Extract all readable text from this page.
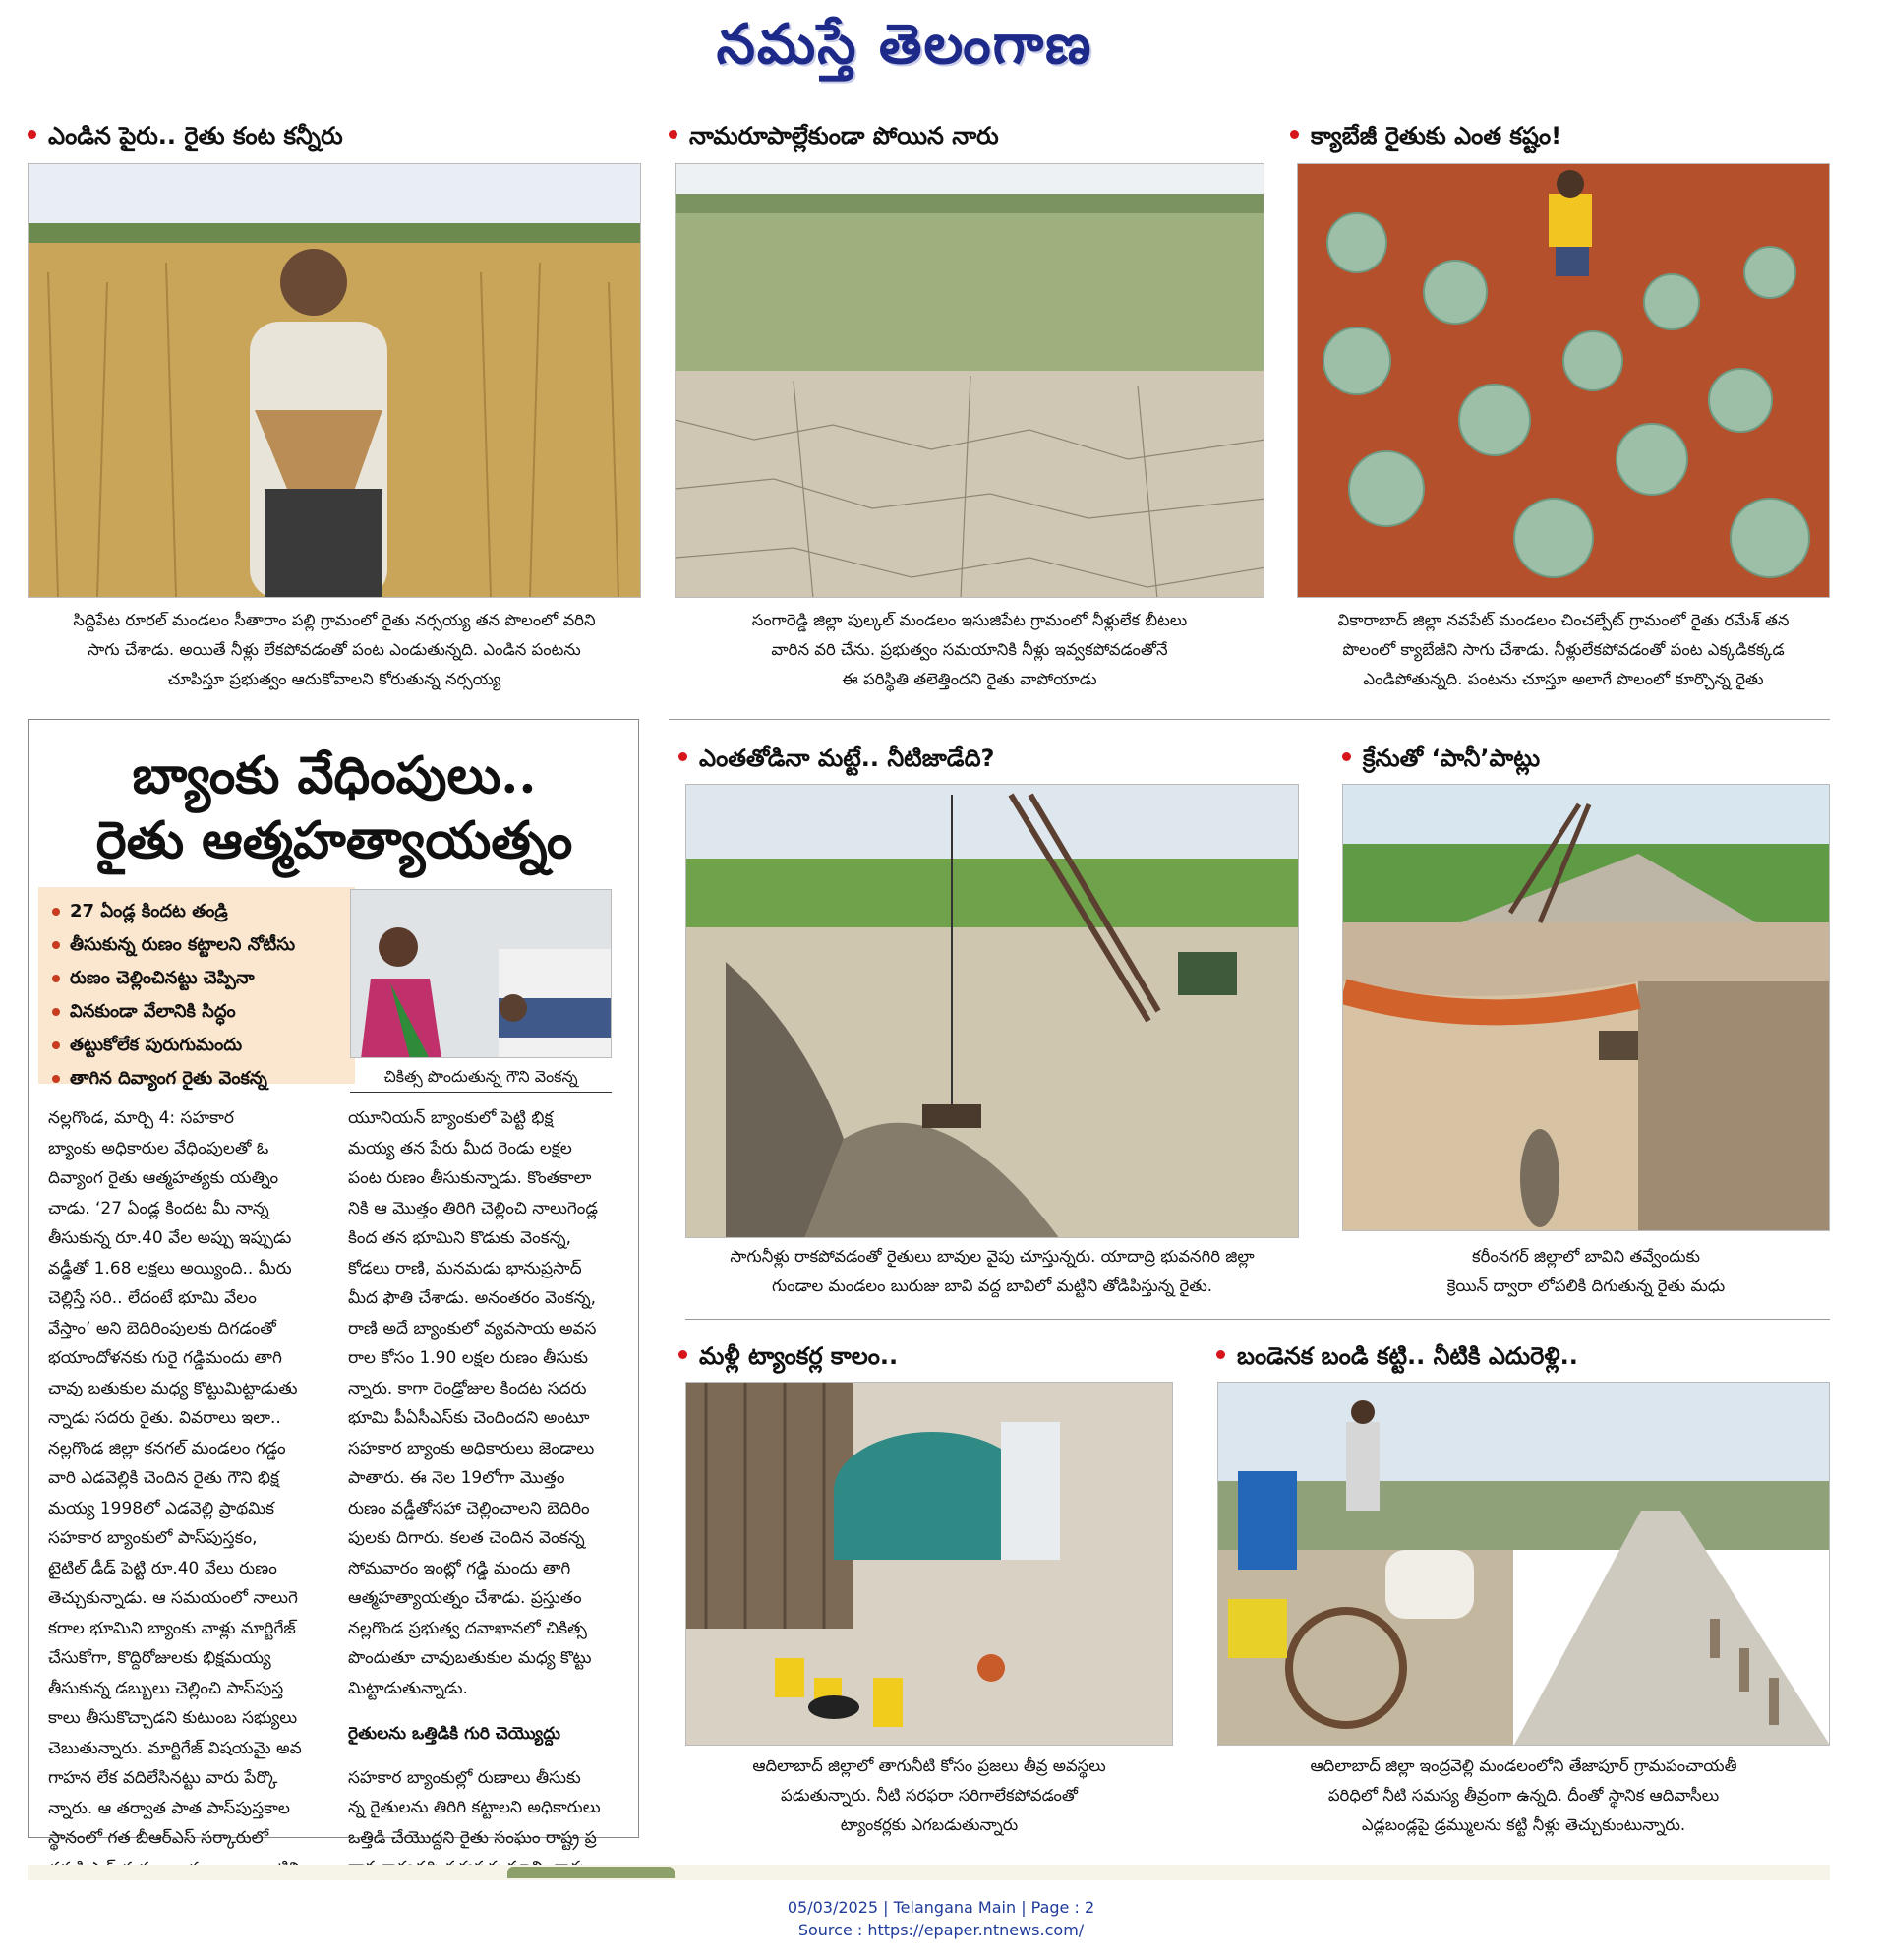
నమస్తే తెలంగాణ
ఎండిన పైరు.. రైతు కంట కన్నీరు
సిద్దిపేట రూరల్ మండలం సీతారాం పల్లి గ్రామంలో రైతు నర్సయ్య తన పొలంలో వరిని
సాగు చేశాడు. అయితే నీళ్లు లేకపోవడంతో పంట ఎండుతున్నది. ఎండిన పంటను
చూపిస్తూ ప్రభుత్వం ఆదుకోవాలని కోరుతున్న నర్సయ్య
నామరూపాల్లేకుండా పోయిన నారు
సంగారెడ్డి జిల్లా పుల్కల్ మండలం ఇసుజిపేట గ్రామంలో నీళ్లులేక బీటలు
వారిన వరి చేను. ప్రభుత్వం సమయానికి నీళ్లు ఇవ్వకపోవడంతోనే
ఈ పరిస్థితి తలెత్తిందని రైతు వాపోయాడు
క్యాబేజీ రైతుకు ఎంత కష్టం!
వికారాబాద్ జిల్లా నవపేట్ మండలం చించల్పేట్ గ్రామంలో రైతు రమేశ్ తన
పొలంలో క్యాబేజీని సాగు చేశాడు. నీళ్లులేకపోవడంతో పంట ఎక్కడికక్కడ
ఎండిపోతున్నది. పంటను చూస్తూ అలాగే పొలంలో కూర్చొన్న రైతు
బ్యాంకు వేధింపులు..
రైతు ఆత్మహత్యాయత్నం
27 ఏండ్ల కిందట తండ్రి
తీసుకున్న రుణం కట్టాలని నోటీసు
రుణం చెల్లించినట్టు చెప్పినా
వినకుండా వేలానికి సిద్ధం
తట్టుకోలేక పురుగుమందు
తాగిన దివ్యాంగ రైతు వెంకన్న	చికిత్స పొందుతున్న గౌని వెంకన్న
నల్లగొండ, మార్చి 4: సహకార
బ్యాంకు అధికారుల వేధింపులతో ఓ
దివ్యాంగ రైతు ఆత్మహత్యకు యత్నిం
చాడు. ‘27 ఏండ్ల కిందట మీ నాన్న
తీసుకున్న రూ.40 వేల అప్పు ఇప్పుడు
వడ్డీతో 1.68 లక్షలు అయ్యింది.. మీరు
చెల్లిస్తే సరి.. లేదంటే భూమి వేలం
వేస్తాం’ అని బెదిరింపులకు దిగడంతో
భయాందోళనకు గురై గడ్డిమందు తాగి
చావు బతుకుల మధ్య కొట్టుమిట్టాడుతు
న్నాడు సదరు రైతు. వివరాలు ఇలా..
నల్లగొండ జిల్లా కనగల్ మండలం గడ్డం
వారి ఎడవెల్లికి చెందిన రైతు గౌని భిక్ష
మయ్య 1998లో ఎడవెల్లి ప్రాథమిక
సహకార బ్యాంకులో పాస్‌పుస్తకం,
టైటిల్ డీడ్ పెట్టి రూ.40 వేలు రుణం
తెచ్చుకున్నాడు. ఆ సమయంలో నాలుగె
కరాల భూమిని బ్యాంకు వాళ్లు మార్టిగేజ్
చేసుకోగా, కొద్దిరోజులకు భిక్షమయ్య
తీసుకున్న డబ్బులు చెల్లించి పాస్‌పుస్త
కాలు తీసుకొచ్చాడని కుటుంబ సభ్యులు
చెబుతున్నారు. మార్టిగేజ్ విషయమై అవ
గాహన లేక వదిలేసినట్టు వారు పేర్కొ
న్నారు. ఆ తర్వాత పాత పాస్‌పుస్తకాల
స్థానంలో గత బీఆర్‌ఎస్ సర్కారులో
యూనియన్ బ్యాంకులో పెట్టి భిక్ష
మయ్య తన పేరు మీద రెండు లక్షల
పంట రుణం తీసుకున్నాడు. కొంతకాలా
నికి ఆ మొత్తం తిరిగి చెల్లించి నాలుగెండ్ల
కింద తన భూమిని కొడుకు వెంకన్న,
కోడలు రాణి, మనమడు భానుప్రసాద్
మీద ఫౌతి చేశాడు. అనంతరం వెంకన్న,
రాణి అదే బ్యాంకులో వ్యవసాయ అవస
రాల కోసం 1.90 లక్షల రుణం తీసుకు
న్నారు. కాగా రెండ్రోజుల కిందట సదరు
భూమి పీఏసీఎస్‌కు చెందిందని అంటూ
సహకార బ్యాంకు అధికారులు జెండాలు
పాతారు. ఈ నెల 19లోగా మొత్తం
రుణం వడ్డీతోసహా చెల్లించాలని బెదిరిం
పులకు దిగారు. కలత చెందిన వెంకన్న
సోమవారం ఇంట్లో గడ్డి మందు తాగి
ఆత్మహత్యాయత్నం చేశాడు. ప్రస్తుతం
నల్లగొండ ప్రభుత్వ దవాఖానలో చికిత్స
పొందుతూ చావుబతుకుల మధ్య కొట్టు
మిట్టాడుతున్నాడు.
రైతులను ఒత్తిడికి గురి చెయ్యొద్దు
సహకార బ్యాంకుల్లో రుణాలు తీసుకు
న్న రైతులను తిరిగి కట్టాలని అధికారులు
ఒత్తిడి చేయొద్దని రైతు సంఘం రాష్ట్ర ప్ర
ఎంతతోడినా మట్టే.. నీటిజాడేది?
సాగునీళ్లు రాకపోవడంతో రైతులు బావుల వైపు చూస్తున్నరు. యాదాద్రి భువనగిరి జిల్లా
గుండాల మండలం బురుజు బావి వద్ద బావిలో మట్టిని తోడిపిస్తున్న రైతు.
క్రేనుతో ‘పానీ’పాట్లు
కరీంనగర్ జిల్లాలో బావిని తవ్వేందుకు
క్రెయిన్ ద్వారా లోపలికి దిగుతున్న రైతు మధు
మళ్లీ ట్యాంకర్ల కాలం..
ఆదిలాబాద్ జిల్లాలో తాగునీటి కోసం ప్రజలు తీవ్ర అవస్థలు
పడుతున్నారు. నీటి సరఫరా సరిగాలేకపోవడంతో
ట్యాంకర్లకు ఎగబడుతున్నారు
బండెనక బండి కట్టి.. నీటికి ఎదురెళ్లి..
ఆదిలాబాద్ జిల్లా ఇంద్రవెల్లి మండలంలోని తేజాపూర్ గ్రామపంచాయతీ
పరిధిలో నీటి సమస్య తీవ్రంగా ఉన్నది. దీంతో స్థానిక ఆదివాసీలు
ఎడ్లబండ్లపై డ్రమ్ములను కట్టి నీళ్లు తెచ్చుకుంటున్నారు.
05/03/2025 | Telangana Main | Page : 2
Source : https://epaper.ntnews.com/
